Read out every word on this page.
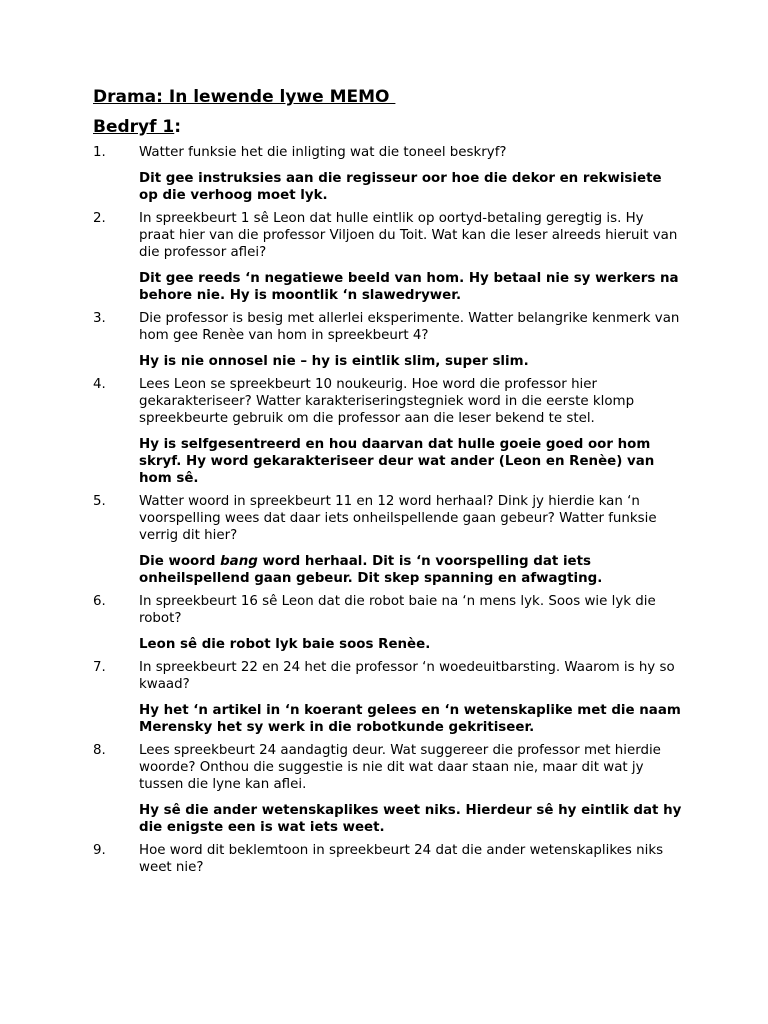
Drama: In lewende lywe MEMO
Bedryf 1:
1. Watter funksie het die inligting wat die toneel beskryf?

Dit gee instruksies aan die regisseur oor hoe die dekor en rekwisiete op die verhoog moet lyk.

2. In spreekbeurt 1 sê Leon dat hulle eintlik op oortyd-betaling geregtig is. Hy praat hier van die professor Viljoen du Toit. Wat kan die leser alreeds hieruit van die professor aflei?

Dit gee reeds ‘n negatiewe beeld van hom. Hy betaal nie sy werkers na behore nie. Hy is moontlik ‘n slawedrywer.

3. Die professor is besig met allerlei eksperimente. Watter belangrike kenmerk van hom gee Renèe van hom in spreekbeurt 4?

Hy is nie onnosel nie – hy is eintlik slim, super slim.

4. Lees Leon se spreekbeurt 10 noukeurig. Hoe word die professor hier gekarakteriseer? Watter karakteriseringstegniek word in die eerste klomp spreekbeurte gebruik om die professor aan die leser bekend te stel.

Hy is selfgesentreerd en hou daarvan dat hulle goeie goed oor hom skryf. Hy word gekarakteriseer deur wat ander (Leon en Renèe) van hom sê.

5. Watter woord in spreekbeurt 11 en 12 word herhaal? Dink jy hierdie kan ‘n voorspelling wees dat daar iets onheilspellende gaan gebeur? Watter funksie verrig dit hier?

Die woord bang word herhaal. Dit is ‘n voorspelling dat iets onheilspellend gaan gebeur. Dit skep spanning en afwagting.

6. In spreekbeurt 16 sê Leon dat die robot baie na ‘n mens lyk. Soos wie lyk die robot?

Leon sê die robot lyk baie soos Renèe.

7. In spreekbeurt 22 en 24 het die professor ‘n woedeuitbarsting. Waarom is hy so kwaad?

Hy het ‘n artikel in ‘n koerant gelees en ‘n wetenskaplike met die naam Merensky het sy werk in die robotkunde gekritiseer.

8. Lees spreekbeurt 24 aandagtig deur. Wat suggereer die professor met hierdie woorde? Onthou die suggestie is nie dit wat daar staan nie, maar dit wat jy tussen die lyne kan aflei.

Hy sê die ander wetenskaplikes weet niks. Hierdeur sê hy eintlik dat hy die enigste een is wat iets weet.

9. Hoe word dit beklemtoon in spreekbeurt 24 dat die ander wetenskaplikes niks weet nie?
